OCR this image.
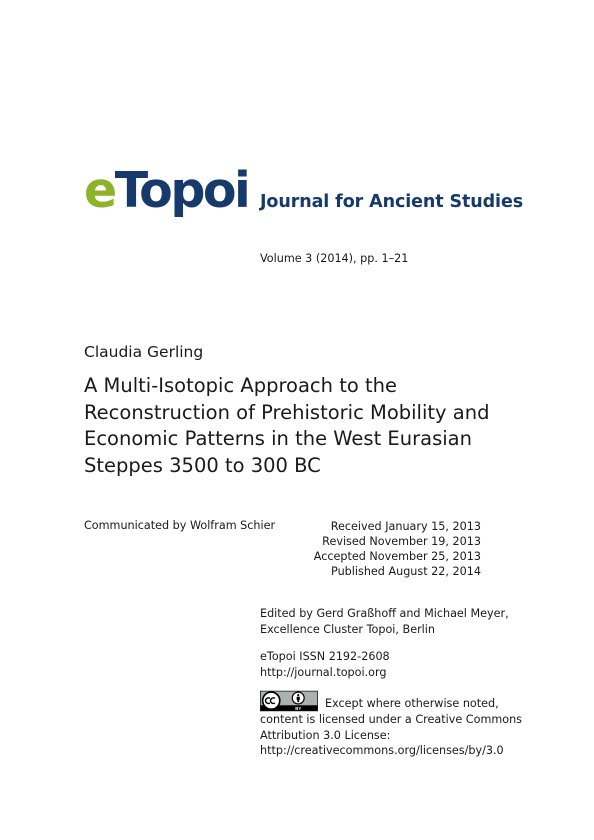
eTopoi Journal for Ancient Studies
Volume 3 (2014), pp. 1–21
Claudia Gerling
A Multi-Isotopic Approach to the
Reconstruction of Prehistoric Mobility and
Economic Patterns in the West Eurasian
Steppes 3500 to 300 BC
Communicated by Wolfram Schier	Received January 15, 2013
Revised November 19, 2013
Accepted November 25, 2013
Published August 22, 2014
Edited by Gerd Graßhoff and Michael Meyer,
Excellence Cluster Topoi, Berlin
eTopoi ISSN 2192-2608
http://journal.topoi.org
BY Except where otherwise noted,
content is licensed under a Creative Commons
Attribution 3.0 License:
http://creativecommons.org/licenses/by/3.0
